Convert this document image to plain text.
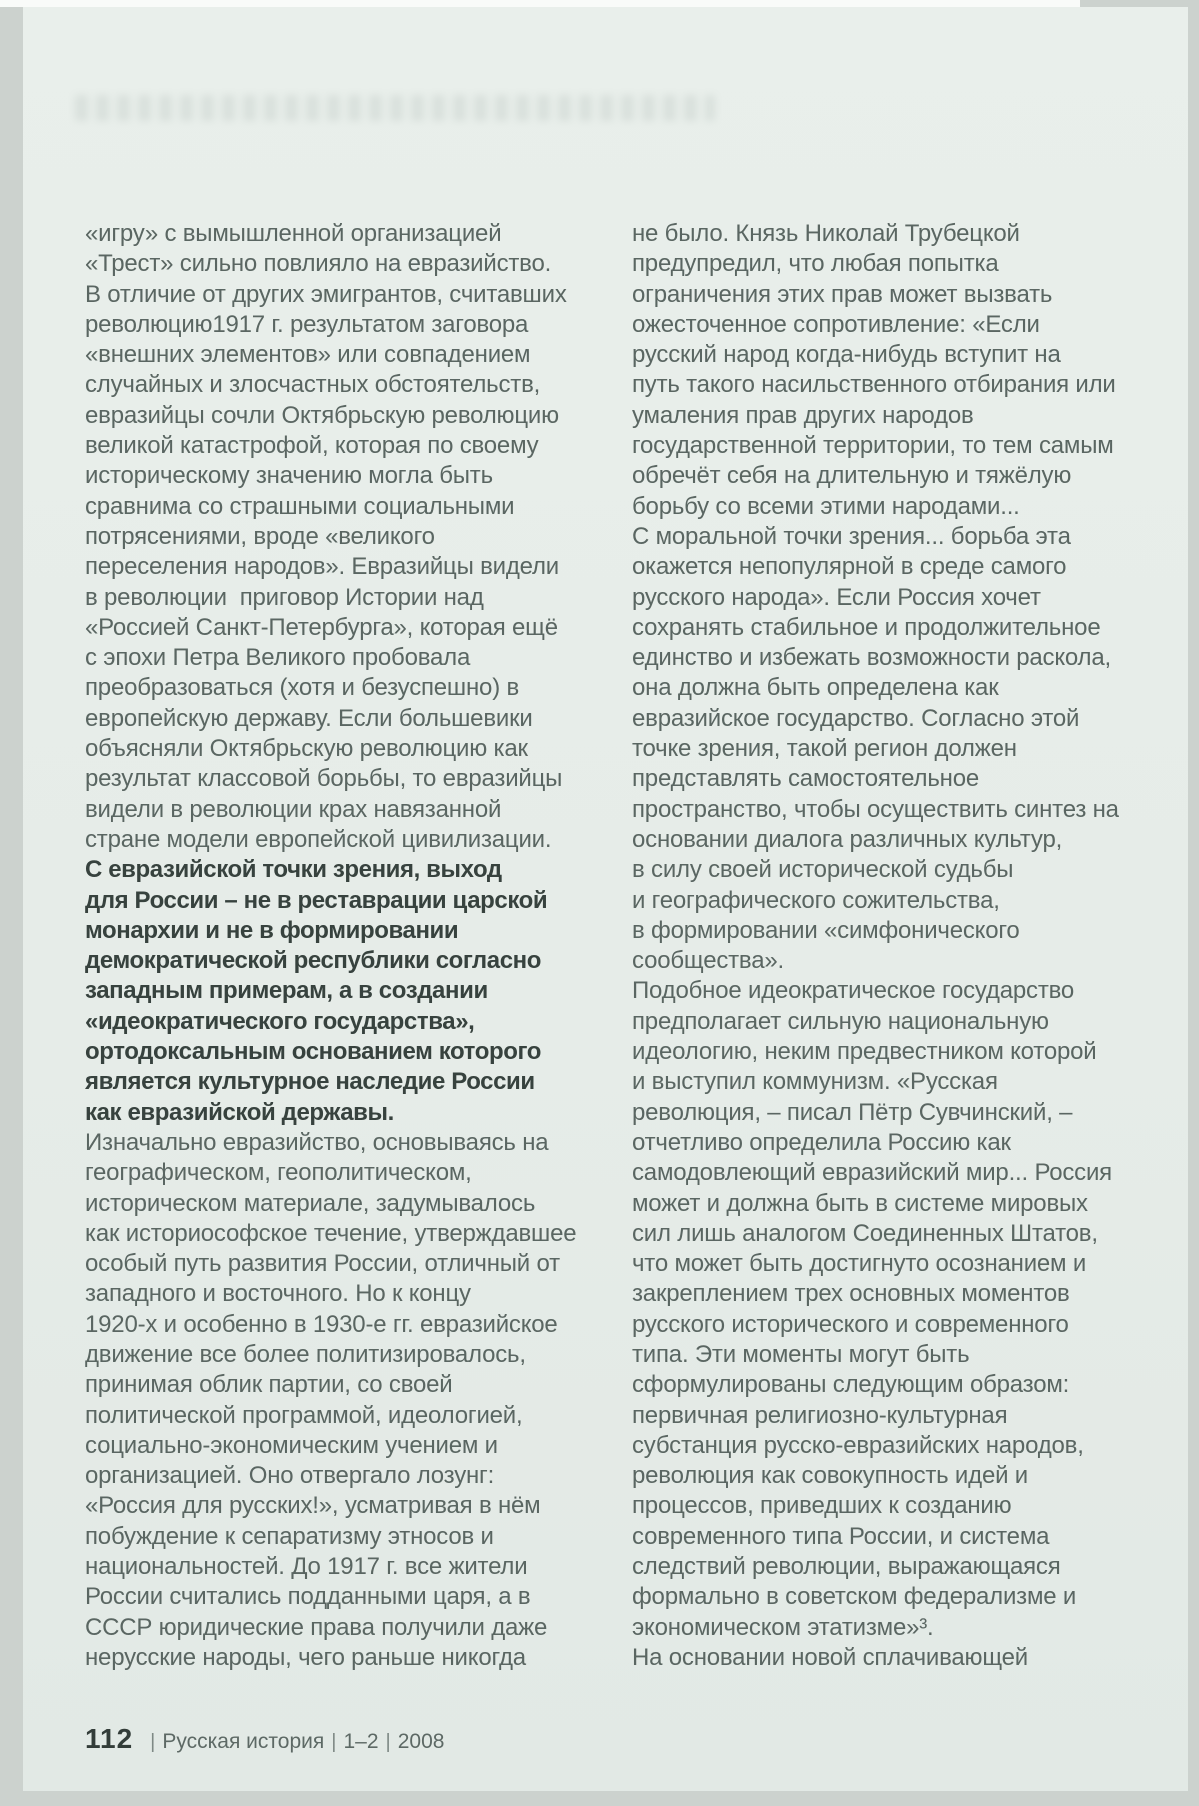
«игру» с вымышленной организацией
«Трест» сильно повлияло на евразийство.
В отличие от других эмигрантов, считавших
революцию1917 г. результатом заговора
«внешних элементов» или совпадением
случайных и злосчастных обстоятельств,
евразийцы сочли Октябрьскую революцию
великой катастрофой, которая по своему
историческому значению могла быть
сравнима со страшными социальными
потрясениями, вроде «великого
переселения народов». Евразийцы видели
в революции  приговор Истории над
«Россией Санкт-Петербурга», которая ещё
с эпохи Петра Великого пробовала
преобразоваться (хотя и безуспешно) в
европейскую державу. Если большевики
объясняли Октябрьскую революцию как
результат классовой борьбы, то евразийцы
видели в революции крах навязанной
стране модели европейской цивилизации.
С евразийской точки зрения, выход
для России – не в реставрации царской
монархии и не в формировании
демократической республики согласно
западным примерам, а в создании
«идеократического государства»,
ортодоксальным основанием которого
является культурное наследие России
как евразийской державы.
Изначально евразийство, основываясь на
географическом, геополитическом,
историческом материале, задумывалось
как историософское течение, утверждавшее
особый путь развития России, отличный от
западного и восточного. Но к концу
1920-х и особенно в 1930-е гг. евразийское
движение все более политизировалось,
принимая облик партии, со своей
политической программой, идеологией,
социально-экономическим учением и
организацией. Оно отвергало лозунг:
«Россия для русских!», усматривая в нём
побуждение к сепаратизму этносов и
национальностей. До 1917 г. все жители
России считались подданными царя, а в
СССР юридические права получили даже
нерусские народы, чего раньше никогда
не было. Князь Николай Трубецкой
предупредил, что любая попытка
ограничения этих прав может вызвать
ожесточенное сопротивление: «Если
русский народ когда-нибудь вступит на
путь такого насильственного отбирания или
умаления прав других народов
государственной территории, то тем самым
обречёт себя на длительную и тяжёлую
борьбу со всеми этими народами...
С моральной точки зрения... борьба эта
окажется непопулярной в среде самого
русского народа». Если Россия хочет
сохранять стабильное и продолжительное
единство и избежать возможности раскола,
она должна быть определена как
евразийское государство. Согласно этой
точке зрения, такой регион должен
представлять самостоятельное
пространство, чтобы осуществить синтез на
основании диалога различных культур,
в силу своей исторической судьбы
и географического сожительства,
в формировании «симфонического
сообщества».
Подобное идеократическое государство
предполагает сильную национальную
идеологию, неким предвестником которой
и выступил коммунизм. «Русская
революция, – писал Пётр Сувчинский, –
отчетливо определила Россию как
самодовлеющий евразийский мир... Россия
может и должна быть в системе мировых
сил лишь аналогом Соединенных Штатов,
что может быть достигнуто осознанием и
закреплением трех основных моментов
русского исторического и современного
типа. Эти моменты могут быть
сформулированы следующим образом:
первичная религиозно-культурная
субстанция русско-евразийских народов,
революция как совокупность идей и
процессов, приведших к созданию
современного типа России, и система
следствий революции, выражающаяся
формально в советском федерализме и
экономическом этатизме»³.
На основании новой сплачивающей
112 | Русская история | 1–2 | 2008
